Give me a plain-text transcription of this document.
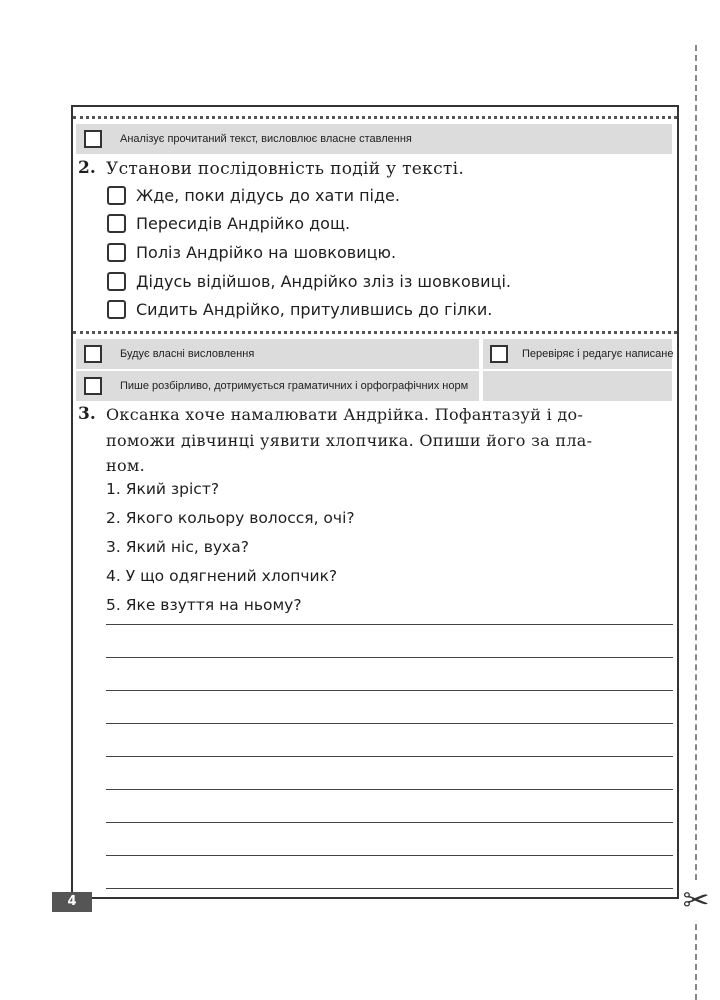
✂
Аналізує прочитаний текст, висловлює власне ставлення
2. Установи послідовність подій у тексті.
Жде, поки дідусь до хати піде.
Пересидів Андрійко дощ.
Поліз Андрійко на шовковицю.
Дідусь відійшов, Андрійко зліз із шовковиці.
Сидить Андрійко, притулившись до гілки.
Будує власні висловлення	Перевіряє і редагує написане
Пише розбірливо, дотримується граматичних і орфографічних норм
3. Оксанка хоче намалювати Андрійка. Пофантазуй і до-
поможи дівчинці уявити хлопчика. Опиши його за пла-
ном.
1. Який зріст?
2. Якого кольору волосся, очі?
3. Який ніс, вуха?
4. У що одягнений хлопчик?
5. Яке взуття на ньому?
4
